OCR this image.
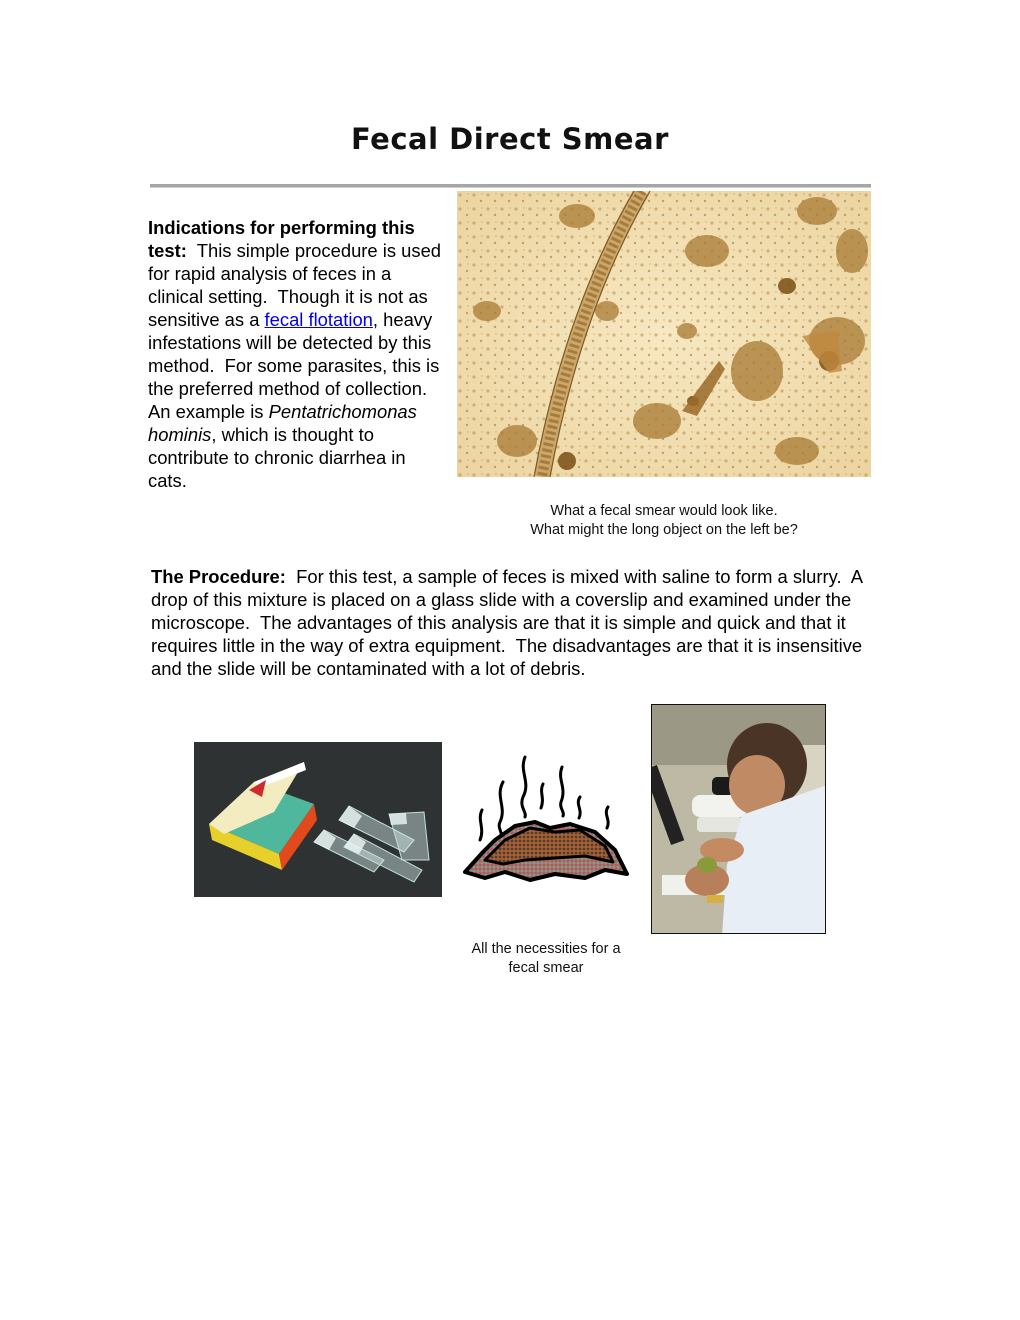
Fecal Direct Smear
Indications for performing this test:  This simple procedure is used for rapid analysis of feces in a clinical setting.  Though it is not as sensitive as a fecal flotation, heavy infestations will be detected by this method.  For some parasites, this is the preferred method of collection.  An example is Pentatrichomonas hominis, which is thought to contribute to chronic diarrhea in cats.
What a fecal smear would look like.
What might the long object on the left be?
The Procedure:  For this test, a sample of feces is mixed with saline to form a slurry.  A drop of this mixture is placed on a glass slide with a coverslip and examined under the microscope.  The advantages of this analysis are that it is simple and quick and that it requires little in the way of extra equipment.  The disadvantages are that it is insensitive and the slide will be contaminated with a lot of debris.
All the necessities for a
fecal smear
